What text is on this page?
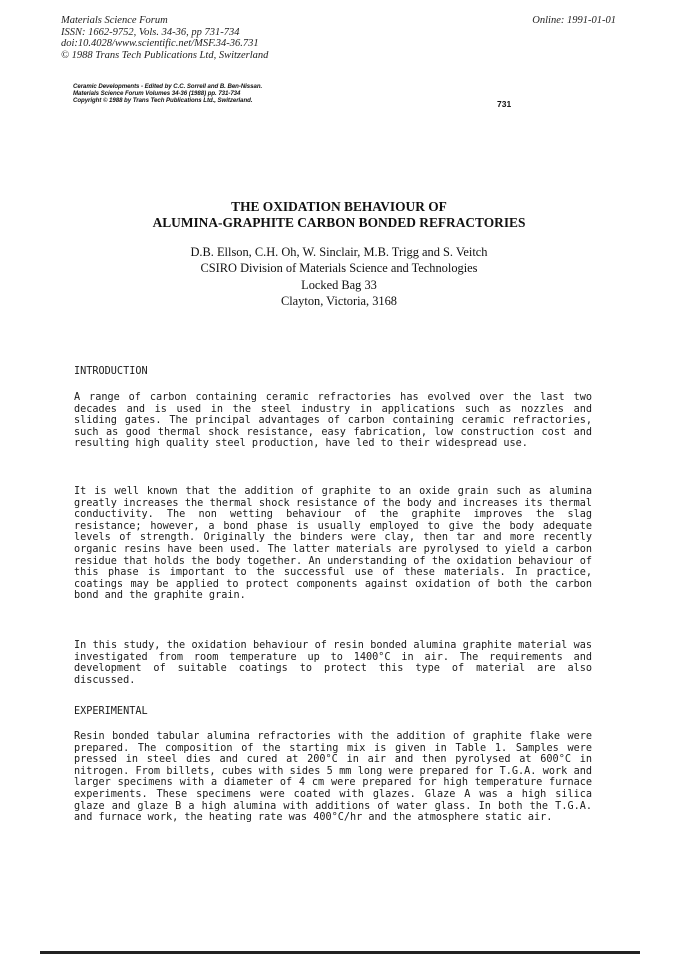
Materials Science Forum
ISSN: 1662-9752, Vols. 34-36, pp 731-734
doi:10.4028/www.scientific.net/MSF.34-36.731
© 1988 Trans Tech Publications Ltd, Switzerland
Online: 1991-01-01
Ceramic Developments - Edited by C.C. Sorrell and B. Ben-Nissan.
Materials Science Forum Volumes 34-36 (1988) pp. 731-734
Copyright © 1988 by Trans Tech Publications Ltd., Switzerland.	731
THE OXIDATION BEHAVIOUR OF
ALUMINA-GRAPHITE CARBON BONDED REFRACTORIES
D.B. Ellson, C.H. Oh, W. Sinclair, M.B. Trigg and S. Veitch
CSIRO Division of Materials Science and Technologies
Locked Bag 33
Clayton, Victoria, 3168
INTRODUCTION

A range of carbon containing ceramic refractories has evolved over the last two decades and is used in the steel industry in applications such as nozzles and sliding gates. The principal advantages of carbon containing ceramic refractories, such as good thermal shock resistance, easy fabrication, low construction cost and resulting high quality steel production, have led to their widespread use.

It is well known that the addition of graphite to an oxide grain such as alumina greatly increases the thermal shock resistance of the body and increases its thermal conductivity. The non wetting behaviour of the graphite improves the slag resistance; however, a bond phase is usually employed to give the body adequate levels of strength. Originally the binders were clay, then tar and more recently organic resins have been used. The latter materials are pyrolysed to yield a carbon residue that holds the body together. An understanding of the oxidation behaviour of this phase is important to the successful use of these materials. In practice, coatings may be applied to protect components against oxidation of both the carbon bond and the graphite grain.

In this study, the oxidation behaviour of resin bonded alumina graphite material was investigated from room temperature up to 1400°C in air. The requirements and development of suitable coatings to protect this type of material are also discussed.

EXPERIMENTAL

Resin bonded tabular alumina refractories with the addition of graphite flake were prepared. The composition of the starting mix is given in Table 1. Samples were pressed in steel dies and cured at 200°C in air and then pyrolysed at 600°C in nitrogen. From billets, cubes with sides 5 mm long were prepared for T.G.A. work and larger specimens with a diameter of 4 cm were prepared for high temperature furnace experiments. These specimens were coated with glazes. Glaze A was a high silica glaze and glaze B a high alumina with additions of water glass. In both the T.G.A. and furnace work, the heating rate was 400°C/hr and the atmosphere static air.
